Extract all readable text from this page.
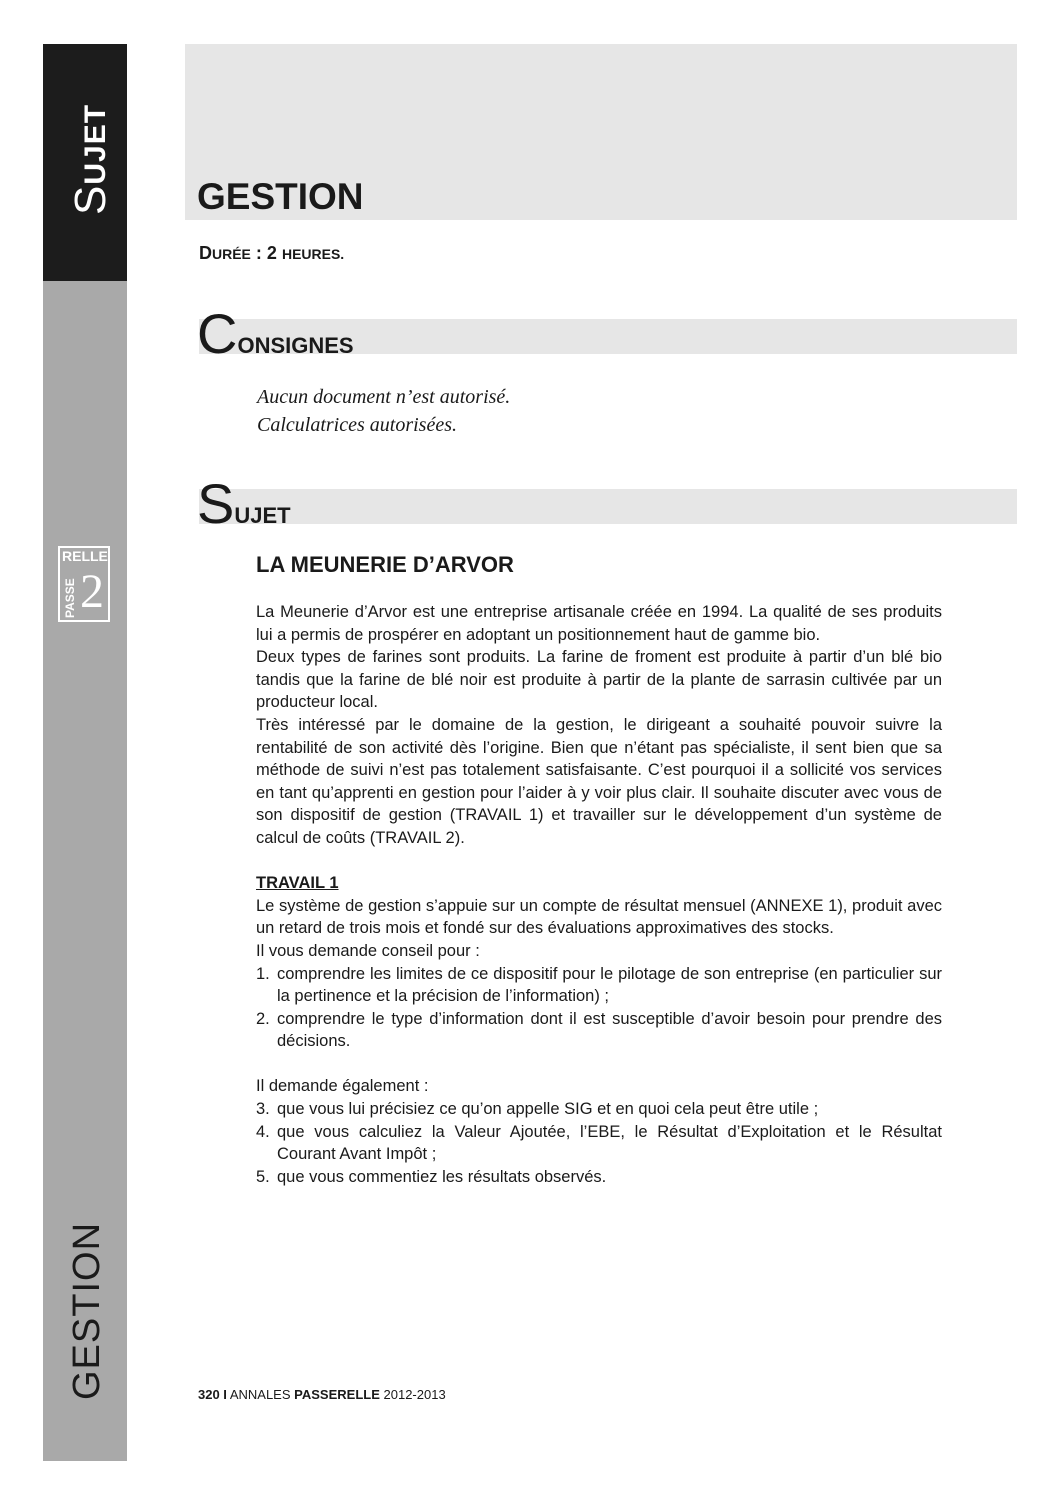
SUJET
GESTION
RELLE
PASSE 2
GESTION
DURÉE : 2 HEURES.
CONSIGNES
Aucun document n’est autorisé.
Calculatrices autorisées.
SUJET
LA MEUNERIE D’ARVOR

La Meunerie d’Arvor est une entreprise artisanale créée en 1994. La qualité de ses produits lui a permis de prospérer en adoptant un positionnement haut de gamme bio.

Deux types de farines sont produits. La farine de froment est produite à partir d’un blé bio tandis que la farine de blé noir est produite à partir de la plante de sarrasin cultivée par un producteur local.

Très intéressé par le domaine de la gestion, le dirigeant a souhaité pouvoir suivre la rentabilité de son activité dès l’origine. Bien que n’étant pas spécialiste, il sent bien que sa méthode de suivi n’est pas totalement satisfaisante. C’est pourquoi il a sollicité vos services en tant qu’apprenti en gestion pour l’aider à y voir plus clair. Il souhaite discuter avec vous de son dispositif de gestion (TRAVAIL 1) et travailler sur le développement d’un système de calcul de coûts (TRAVAIL 2).

TRAVAIL 1

Le système de gestion s’appuie sur un compte de résultat mensuel (ANNEXE 1), produit avec un retard de trois mois et fondé sur des évaluations approximatives des stocks.

Il vous demande conseil pour :

1. comprendre les limites de ce dispositif pour le pilotage de son entreprise (en particulier sur la pertinence et la précision de l’information) ;
2. comprendre le type d’information dont il est susceptible d’avoir besoin pour prendre des décisions.

Il demande également :

3. que vous lui précisiez ce qu’on appelle SIG et en quoi cela peut être utile ;
4. que vous calculiez la Valeur Ajoutée, l’EBE, le Résultat d’Exploitation et le Résultat Courant Avant Impôt ;
5. que vous commentiez les résultats observés.
320 I ANNALES PASSERELLE 2012-2013
